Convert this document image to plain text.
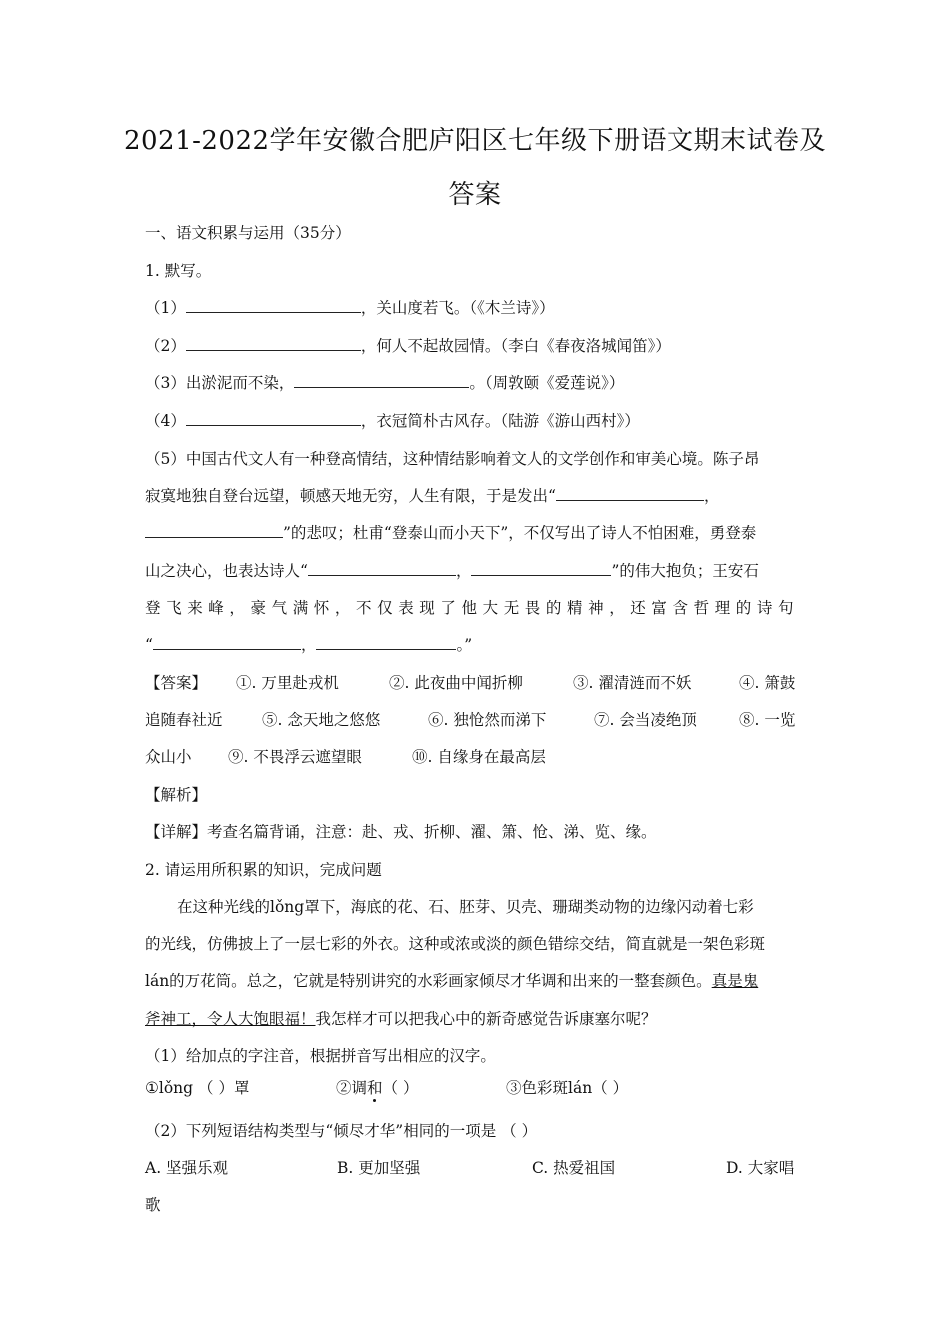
2021-2022学年安徽合肥庐阳区七年级下册语文期末试卷及
答案
一、语文积累与运用（35分）
1. 默写。
（1）	，关山度若飞。（《木兰诗》）
（2）	，何人不起故园情。（李白《春夜洛城闻笛》）
（3）出淤泥而不染，	。（周敦颐《爱莲说》）
（4）	，衣冠简朴古风存。（陆游《游山西村》）
（5）中国古代文人有一种登高情结，这种情结影响着文人的文学创作和审美心境。陈子昂
寂寞地独自登台远望，顿感天地无穷，人生有限，于是发出“	，
”的悲叹；杜甫“登泰山而小天下”，不仅写出了诗人不怕困难，勇登泰
山之决心，也表达诗人“	，	”的伟大抱负；王安石
登飞来峰，豪气满怀，不仅表现了他大无畏的精神，还富含哲理的诗句
“	，	。”
【答案】 ①. 万里赴戎机	②. 此夜曲中闻折柳	③. 濯清涟而不妖	④. 箫鼓
追随春社近	⑤. 念天地之悠悠	⑥. 独怆然而涕下	⑦. 会当凌绝顶	⑧. 一览
众山小 ⑨. 不畏浮云遮望眼	⑩. 自缘身在最高层
【解析】
【详解】考查名篇背诵，注意：赴、戎、折柳、濯、箫、怆、涕、览、缘。
2. 请运用所积累的知识，完成问题
在这种光线的lǒng罩下，海底的花、石、胚芽、贝壳、珊瑚类动物的边缘闪动着七彩
的光线，仿佛披上了一层七彩的外衣。这种或浓或淡的颜色错综交结，简直就是一架色彩斑
lán的万花筒。总之，它就是特别讲究的水彩画家倾尽才华调和出来的一整套颜色。真是鬼
斧神工，令人大饱眼福！我怎样才可以把我心中的新奇感觉告诉康塞尔呢？
（1）给加点的字注音，根据拼音写出相应的汉字。
①lǒng （ ）罩	②调和（ ）	③色彩斑lán（ ）
（2）下列短语结构类型与“倾尽才华”相同的一项是 （ ）
A. 坚强乐观	B. 更加坚强	C. 热爱祖国	D. 大家唱
歌
